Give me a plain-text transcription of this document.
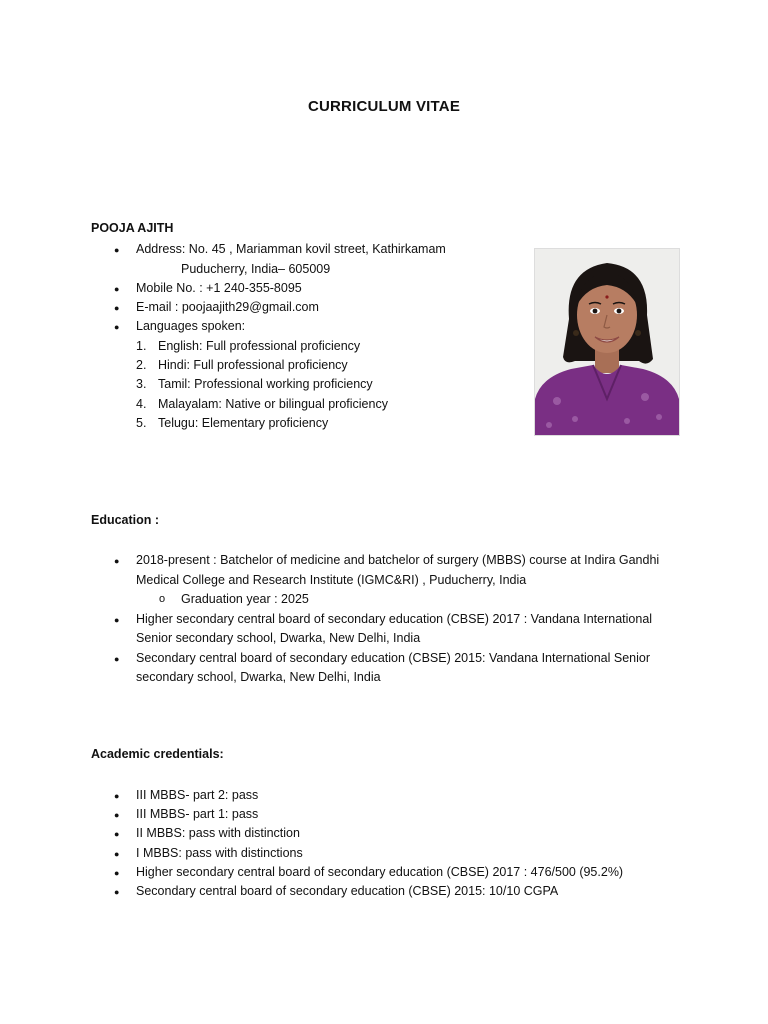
CURRICULUM VITAE
POOJA AJITH
● Address: No. 45 , Mariamman kovil street, Kathirkamam
Puducherry, India– 605009
● Mobile No. : +1 240-355-8095
● E-mail : poojaajith29@gmail.com
● Languages spoken:
1. English: Full professional proficiency
2. Hindi: Full professional proficiency
3. Tamil: Professional working proficiency
4. Malayalam: Native or bilingual proficiency
5. Telugu: Elementary proficiency
Education :
● 2018-present : Batchelor of medicine and batchelor of surgery (MBBS) course at Indira Gandhi
Medical College and Research Institute (IGMC&RI) , Puducherry, India
o Graduation year : 2025
● Higher secondary central board of secondary education (CBSE) 2017 : Vandana International
Senior secondary school, Dwarka, New Delhi, India
● Secondary central board of secondary education (CBSE) 2015: Vandana International Senior
secondary school, Dwarka, New Delhi, India
Academic credentials:
● III MBBS- part 2: pass
● III MBBS- part 1: pass
● II MBBS: pass with distinction
● I MBBS: pass with distinctions
● Higher secondary central board of secondary education (CBSE) 2017 : 476/500 (95.2%)
● Secondary central board of secondary education (CBSE) 2015: 10/10 CGPA
